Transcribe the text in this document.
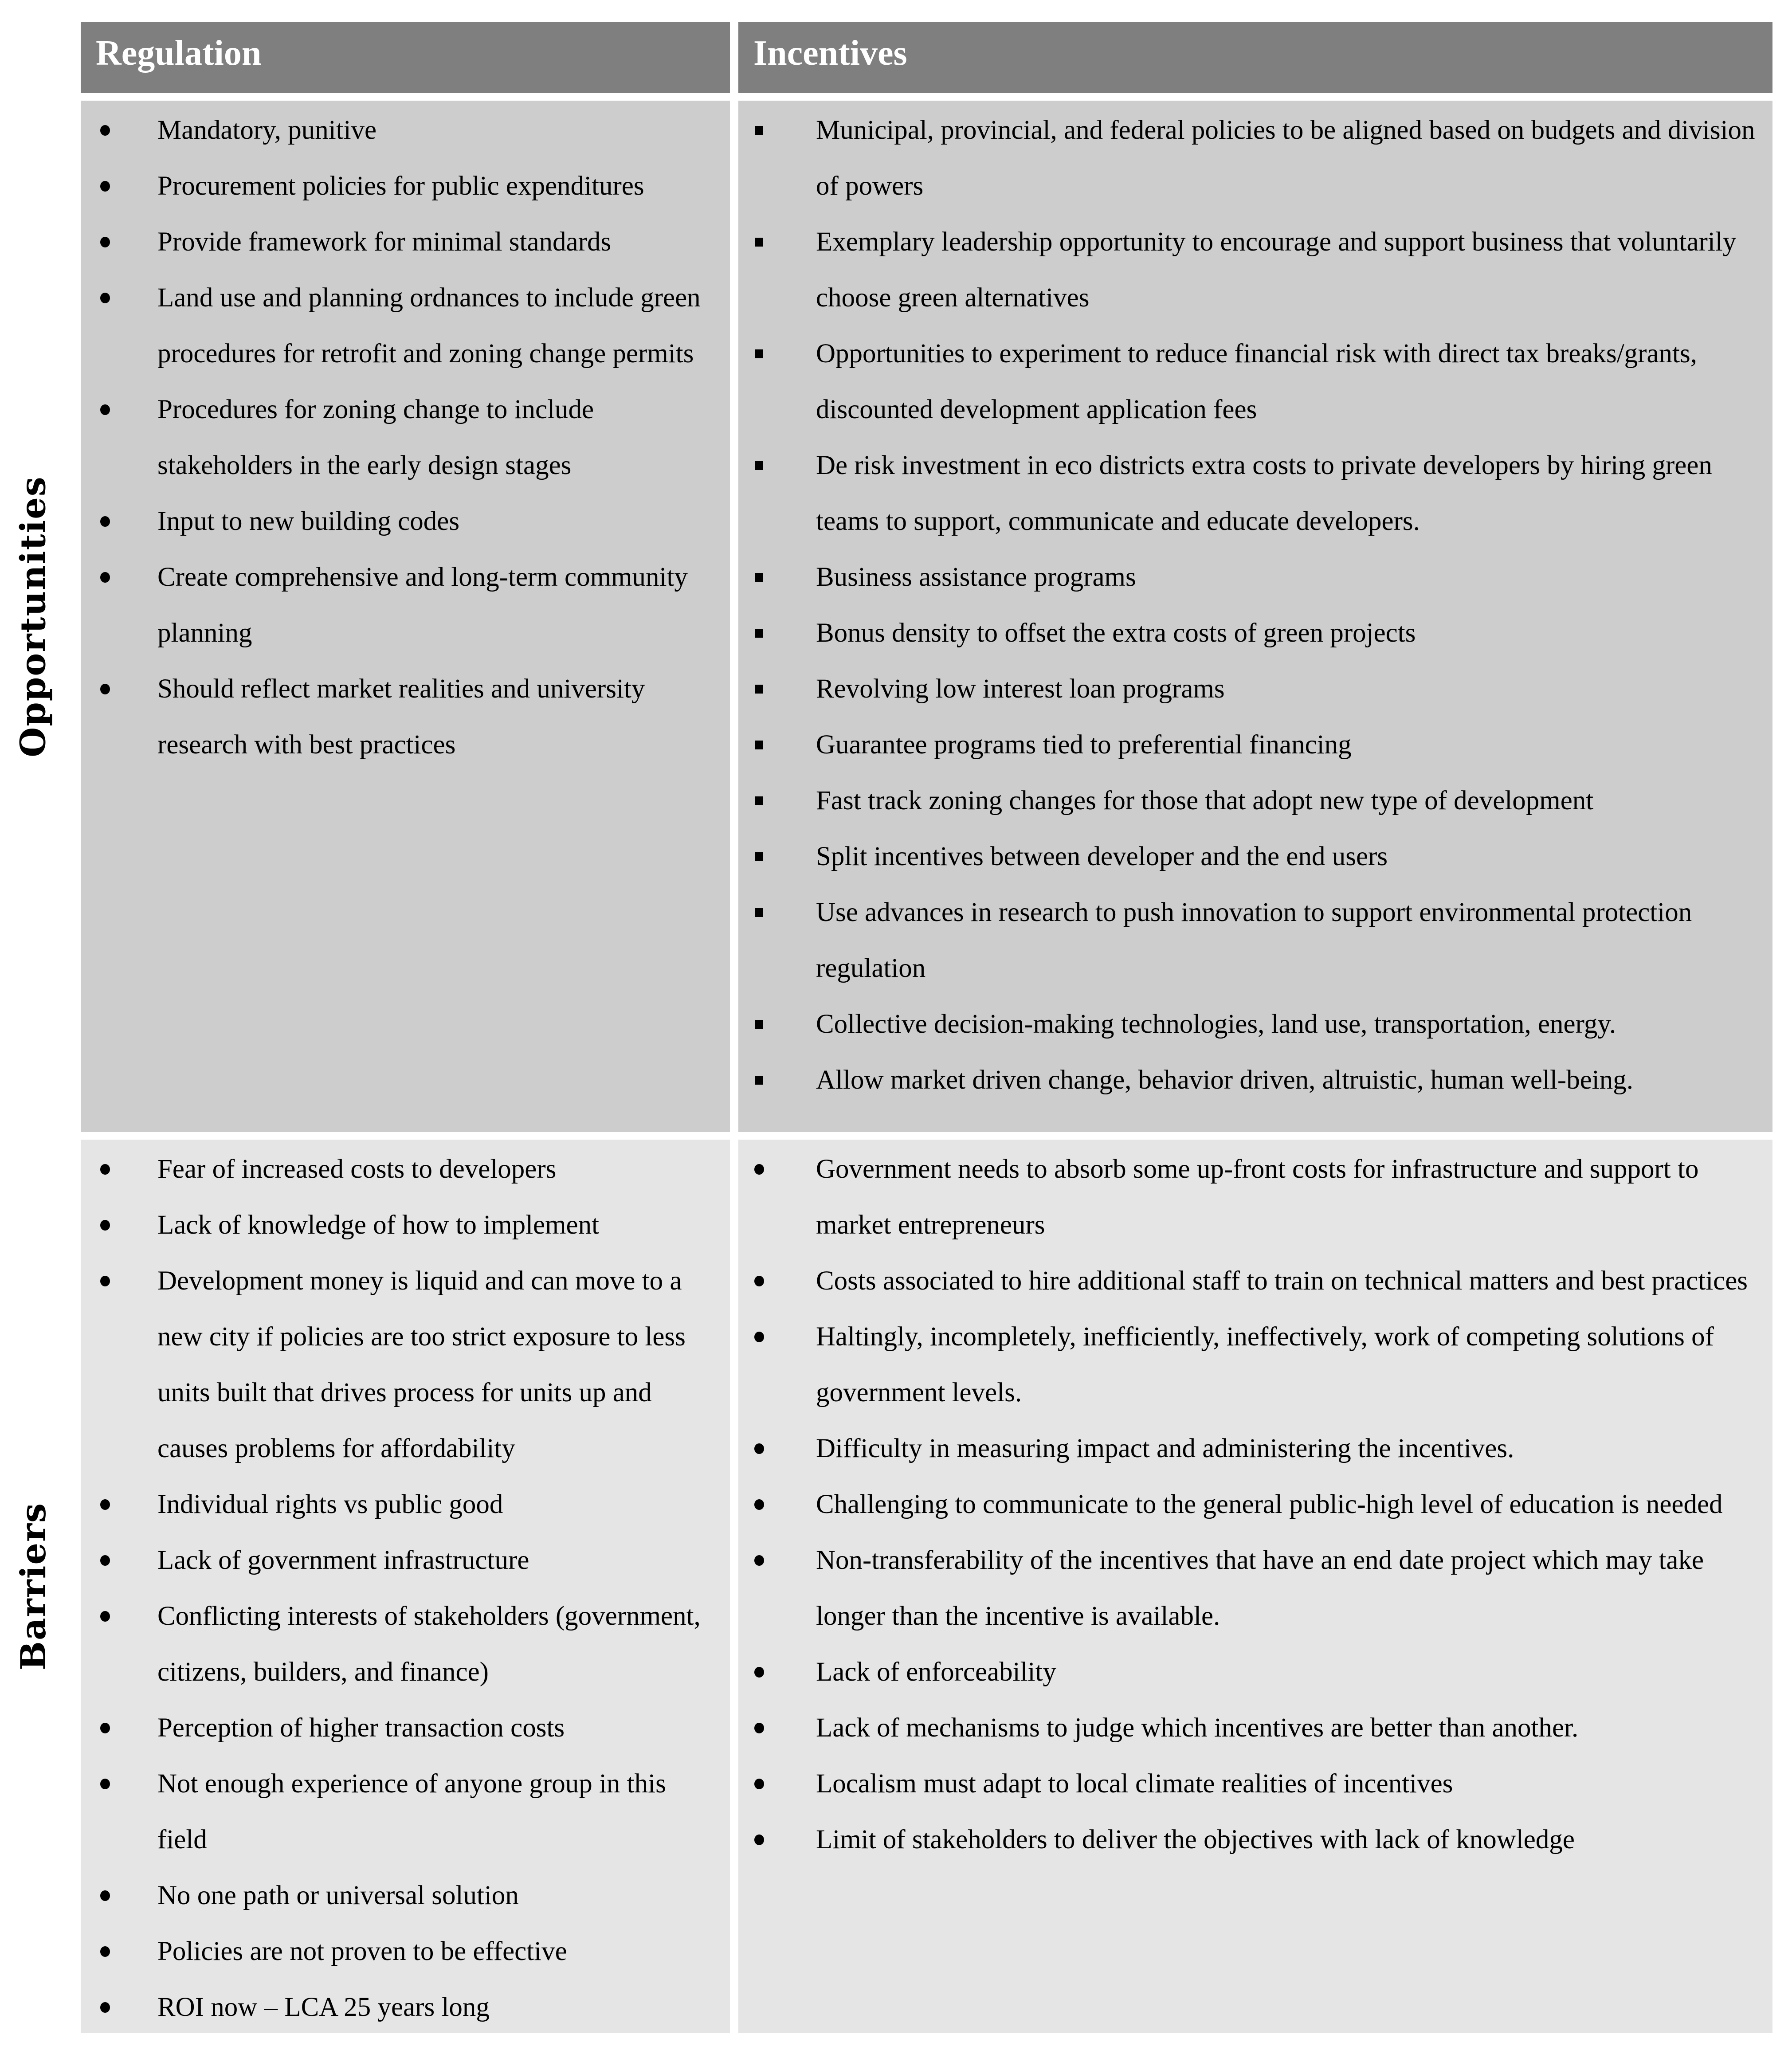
Regulation	Incentives
Opportunities
Barriers
Mandatory, punitive
Procurement policies for public expenditures
Provide framework for minimal standards
Land use and planning ordnances to include green procedures for retrofit and zoning change permits
Procedures for zoning change to include stakeholders in the early design stages
Input to new building codes
Create comprehensive and long-term community planning
Should reflect market realities and university research with best practices
Municipal, provincial, and federal policies to be aligned based on budgets and division of powers
Exemplary leadership opportunity to encourage and support business that voluntarily choose green alternatives
Opportunities to experiment to reduce financial risk with direct tax breaks/grants, discounted development application fees
De risk investment in eco districts extra costs to private developers by hiring green teams to support, communicate and educate developers.
Business assistance programs
Bonus density to offset the extra costs of green projects
Revolving low interest loan programs
Guarantee programs tied to preferential financing
Fast track zoning changes for those that adopt new type of development
Split incentives between developer and the end users
Use advances in research to push innovation to support environmental protection regulation
Collective decision-making technologies, land use, transportation, energy.
Allow market driven change, behavior driven, altruistic, human well-being.
Fear of increased costs to developers
Lack of knowledge of how to implement
Development money is liquid and can move to a new city if policies are too strict exposure to less units built that drives process for units up and causes problems for affordability
Individual rights vs public good
Lack of government infrastructure
Conflicting interests of stakeholders (government, citizens, builders, and finance)
Perception of higher transaction costs
Not enough experience of anyone group in this field
No one path or universal solution
Policies are not proven to be effective
ROI now – LCA 25 years long
Government needs to absorb some up-front costs for infrastructure and support to market entrepreneurs
Costs associated to hire additional staff to train on technical matters and best practices
Haltingly, incompletely, inefficiently, ineffectively, work of competing solutions of government levels.
Difficulty in measuring impact and administering the incentives.
Challenging to communicate to the general public-high level of education is needed
Non-transferability of the incentives that have an end date project which may take longer than the incentive is available.
Lack of enforceability
Lack of mechanisms to judge which incentives are better than another.
Localism must adapt to local climate realities of incentives
Limit of stakeholders to deliver the objectives with lack of knowledge
